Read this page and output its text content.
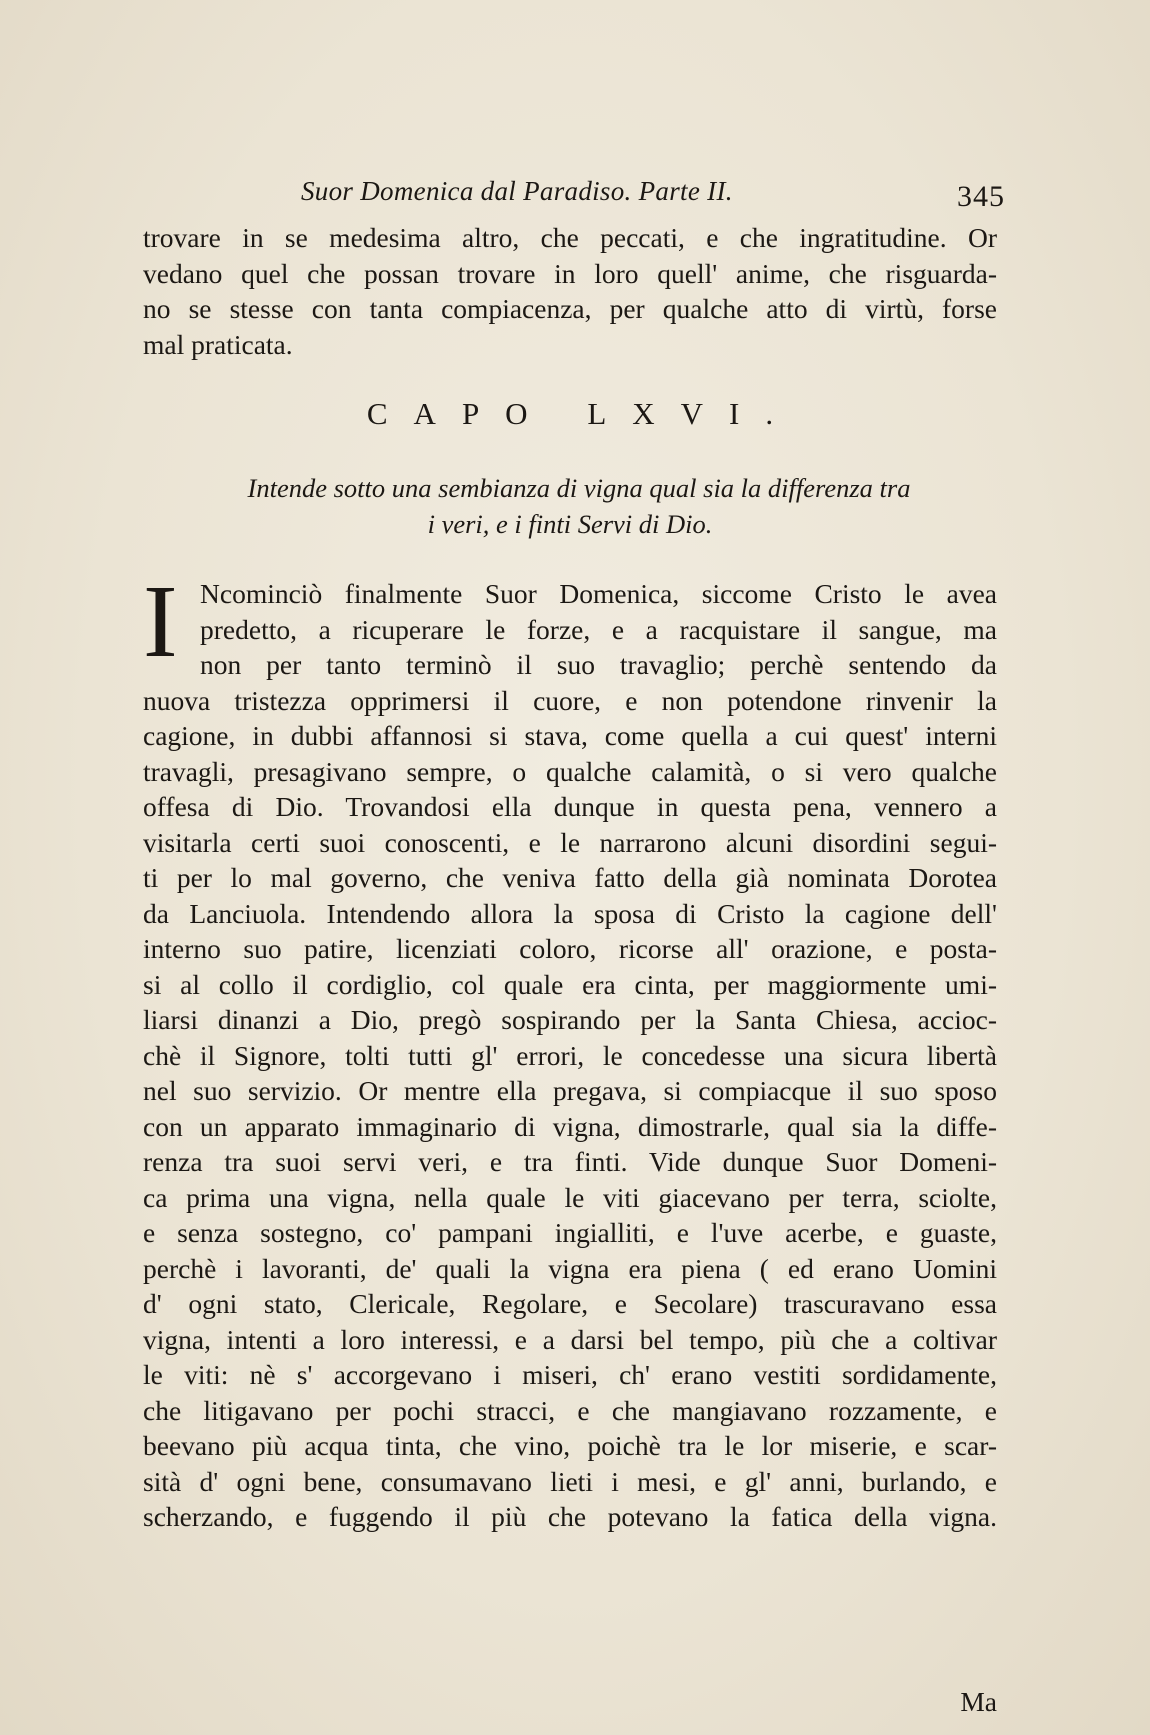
Suor Domenica dal Paradiso. Parte II.	345
trovare in se medesima altro, che peccati, e che ingratitudine. Or
vedano quel che possan trovare in loro quell' anime, che risguarda-
no se stesse con tanta compiacenza, per qualche atto di virtù, forse
mal praticata.
CAPO LXVI.
Intende sotto una sembianza di vigna qual sia la differenza tra
i veri, e i finti Servi di Dio.
I Ncominciò finalmente Suor Domenica, siccome Cristo le avea
predetto, a ricuperare le forze, e a racquistare il sangue, ma
non per tanto terminò il suo travaglio; perchè sentendo da
nuova tristezza opprimersi il cuore, e non potendone rinvenir la
cagione, in dubbi affannosi si stava, come quella a cui quest' interni
travagli, presagivano sempre, o qualche calamità, o si vero qualche
offesa di Dio. Trovandosi ella dunque in questa pena, vennero a
visitarla certi suoi conoscenti, e le narrarono alcuni disordini segui-
ti per lo mal governo, che veniva fatto della già nominata Dorotea
da Lanciuola. Intendendo allora la sposa di Cristo la cagione dell'
interno suo patire, licenziati coloro, ricorse all' orazione, e posta-
si al collo il cordiglio, col quale era cinta, per maggiormente umi-
liarsi dinanzi a Dio, pregò sospirando per la Santa Chiesa, accioc-
chè il Signore, tolti tutti gl' errori, le concedesse una sicura libertà
nel suo servizio. Or mentre ella pregava, si compiacque il suo sposo
con un apparato immaginario di vigna, dimostrarle, qual sia la diffe-
renza tra suoi servi veri, e tra finti. Vide dunque Suor Domeni-
ca prima una vigna, nella quale le viti giacevano per terra, sciolte,
e senza sostegno, co' pampani ingialliti, e l'uve acerbe, e guaste,
perchè i lavoranti, de' quali la vigna era piena ( ed erano Uomini
d' ogni stato, Clericale, Regolare, e Secolare) trascuravano essa
vigna, intenti a loro interessi, e a darsi bel tempo, più che a coltivar
le viti: nè s' accorgevano i miseri, ch' erano vestiti sordidamente,
che litigavano per pochi stracci, e che mangiavano rozzamente, e
beevano più acqua tinta, che vino, poichè tra le lor miserie, e scar-
sità d' ogni bene, consumavano lieti i mesi, e gl' anni, burlando, e
scherzando, e fuggendo il più che potevano la fatica della vigna.
Ma
